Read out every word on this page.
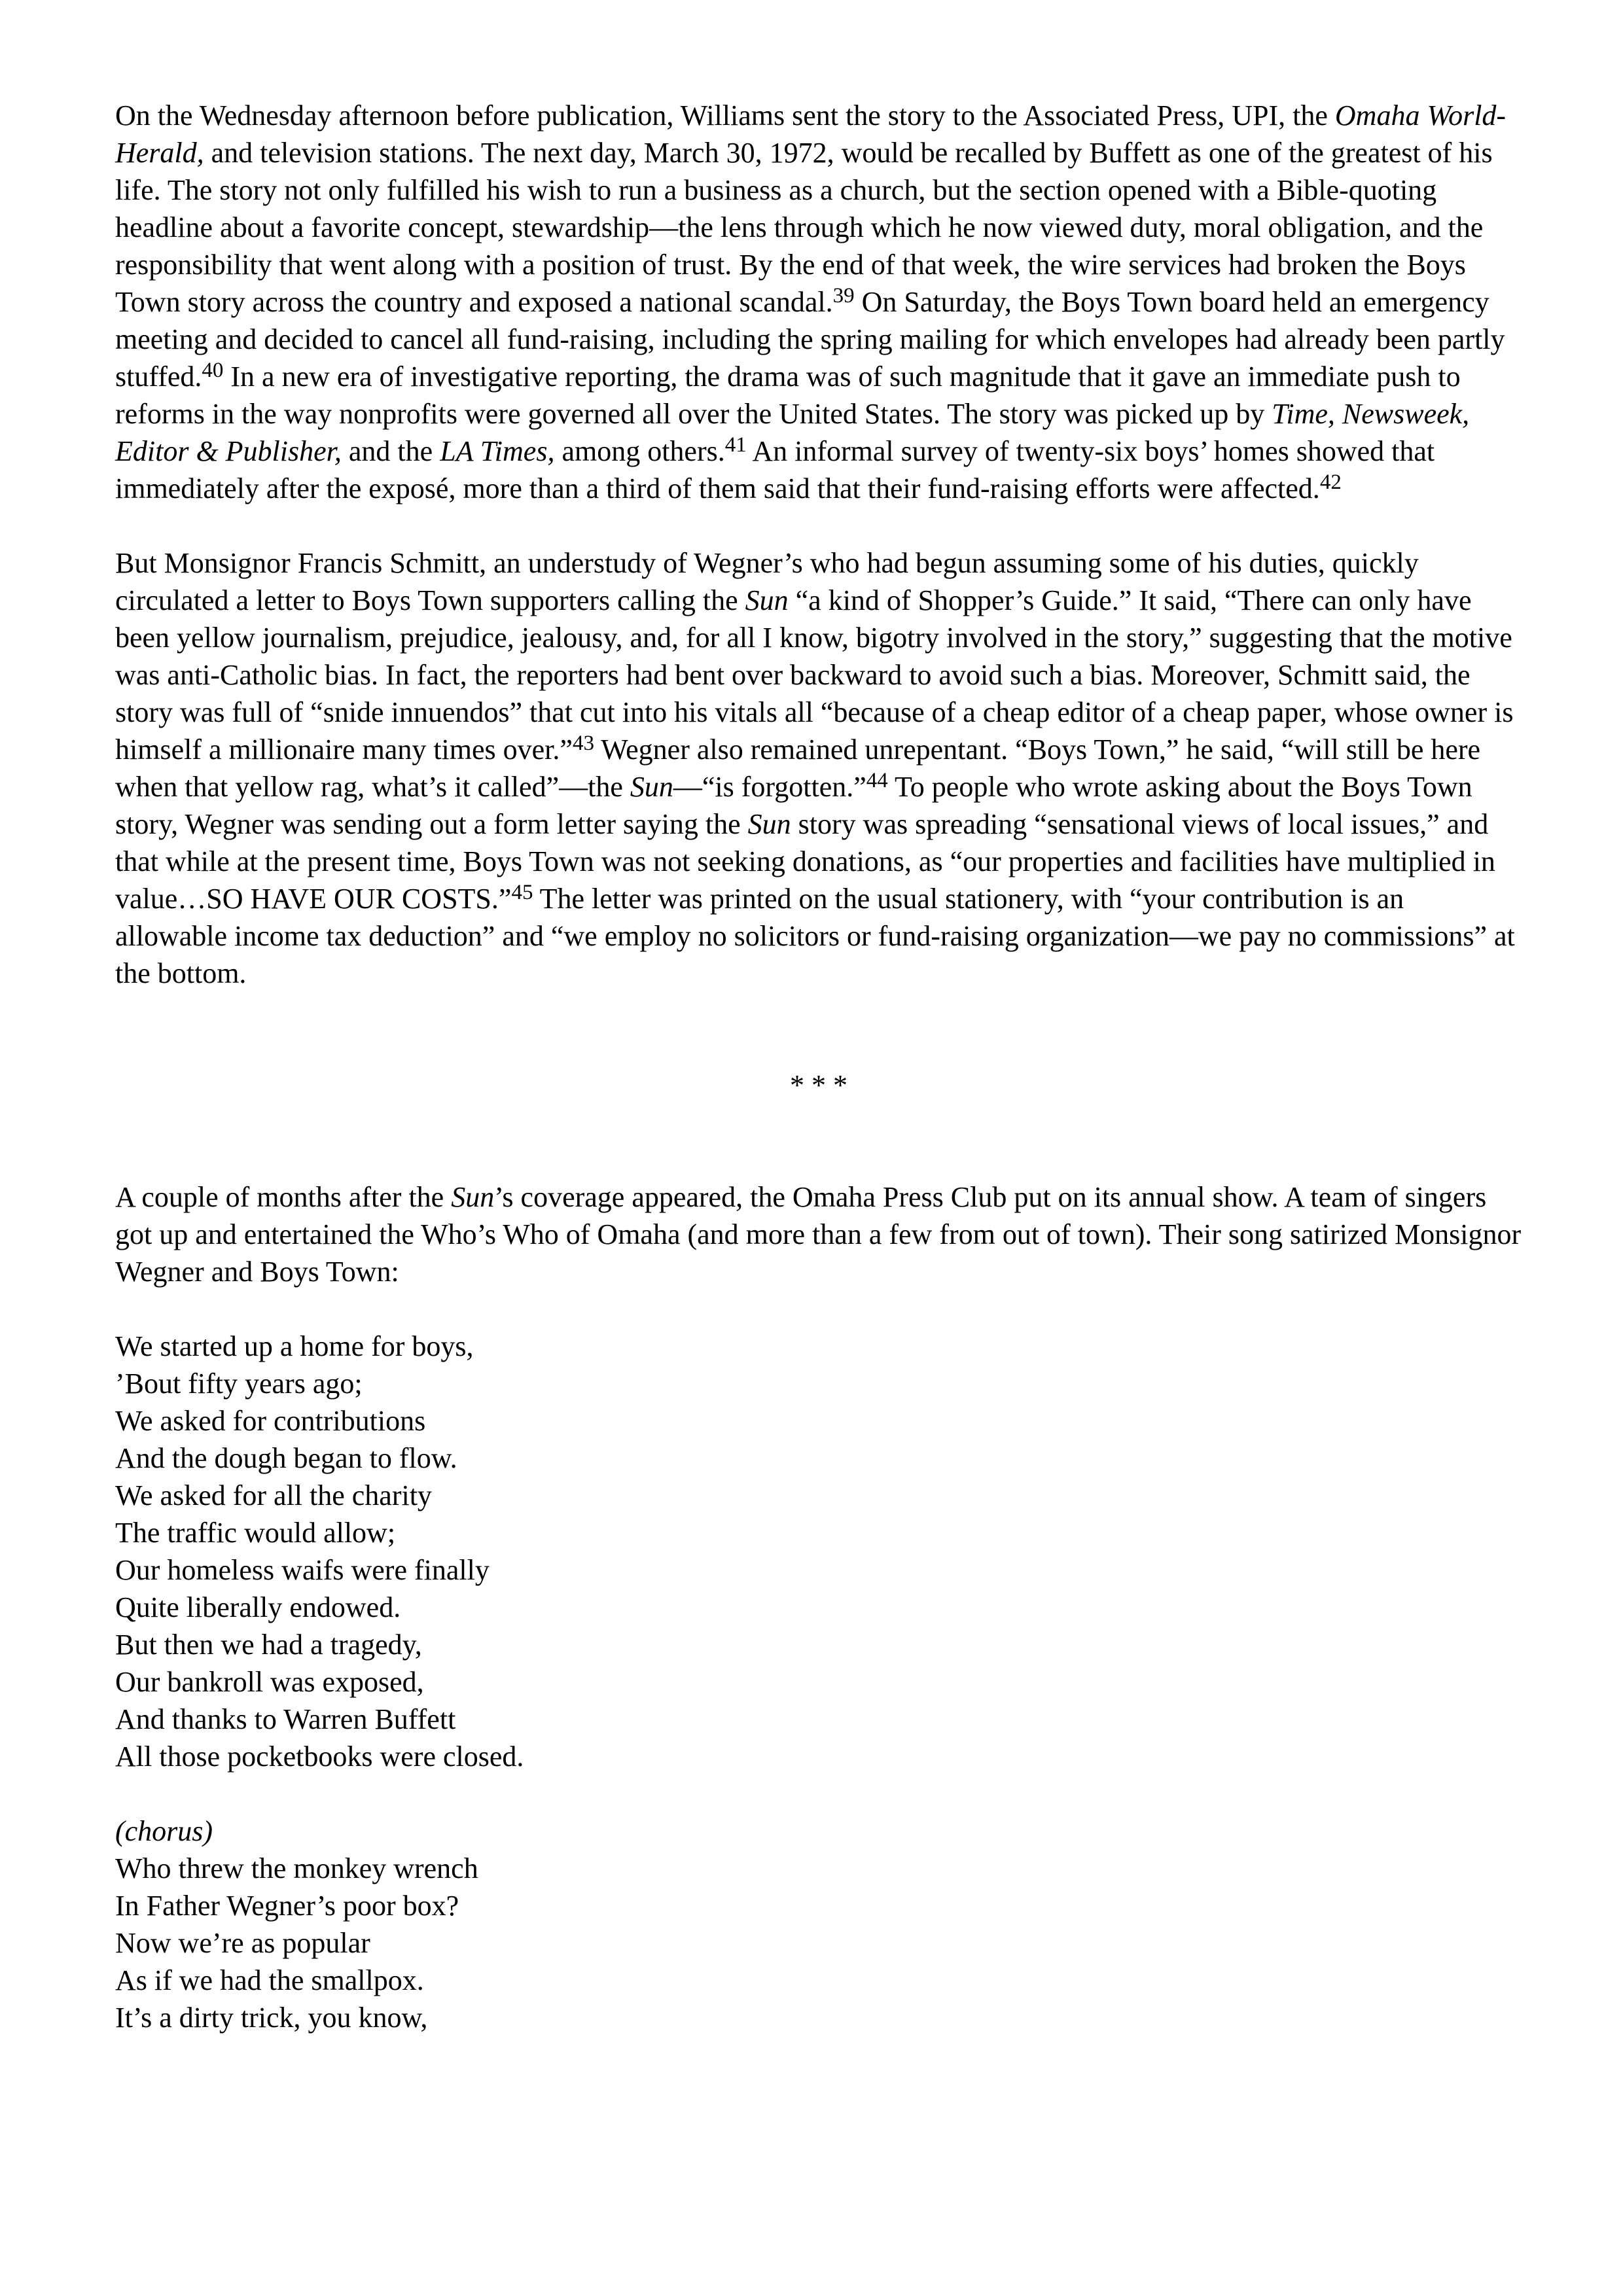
On the Wednesday afternoon before publication, Williams sent the story to the Associated Press, UPI, the Omaha World-Herald, and television stations. The next day, March 30, 1972, would be recalled by Buffett as one of the greatest of his life. The story not only fulfilled his wish to run a business as a church, but the section opened with a Bible-quoting headline about a favorite concept, stewardship—the lens through which he now viewed duty, moral obligation, and the responsibility that went along with a position of trust. By the end of that week, the wire services had broken the Boys Town story across the country and exposed a national scandal.$^{39}$ On Saturday, the Boys Town board held an emergency meeting and decided to cancel all fund-raising, including the spring mailing for which envelopes had already been partly stuffed.$^{40}$ In a new era of investigative reporting, the drama was of such magnitude that it gave an immediate push to reforms in the way nonprofits were governed all over the United States. The story was picked up by Time, Newsweek, Editor & Publisher, and the LA Times, among others.$^{41}$ An informal survey of twenty-six boys’ homes showed that immediately after the exposé, more than a third of them said that their fund-raising efforts were affected.$^{42}$

But Monsignor Francis Schmitt, an understudy of Wegner’s who had begun assuming some of his duties, quickly circulated a letter to Boys Town supporters calling the Sun “a kind of Shopper’s Guide.” It said, “There can only have been yellow journalism, prejudice, jealousy, and, for all I know, bigotry involved in the story,” suggesting that the motive was anti-Catholic bias. In fact, the reporters had bent over backward to avoid such a bias. Moreover, Schmitt said, the story was full of “snide innuendos” that cut into his vitals all “because of a cheap editor of a cheap paper, whose owner is himself a millionaire many times over.”$^{43}$ Wegner also remained unrepentant. “Boys Town,” he said, “will still be here when that yellow rag, what’s it called”—the Sun—“is forgotten.”$^{44}$ To people who wrote asking about the Boys Town story, Wegner was sending out a form letter saying the Sun story was spreading “sensational views of local issues,” and that while at the present time, Boys Town was not seeking donations, as “our properties and facilities have multiplied in value…SO HAVE OUR COSTS.”$^{45}$ The letter was printed on the usual stationery, with “your contribution is an allowable income tax deduction” and “we employ no solicitors or fund-raising organization—we pay no commissions” at the bottom.

* * *

A couple of months after the Sun’s coverage appeared, the Omaha Press Club put on its annual show. A team of singers got up and entertained the Who’s Who of Omaha (and more than a few from out of town). Their song satirized Monsignor Wegner and Boys Town:

We started up a home for boys,
’Bout fifty years ago;
We asked for contributions
And the dough began to flow.
We asked for all the charity
The traffic would allow;
Our homeless waifs were finally
Quite liberally endowed.
But then we had a tragedy,
Our bankroll was exposed,
And thanks to Warren Buffett
All those pocketbooks were closed.
(chorus)
Who threw the monkey wrench
In Father Wegner’s poor box?
Now we’re as popular
As if we had the smallpox.
It’s a dirty trick, you know,
